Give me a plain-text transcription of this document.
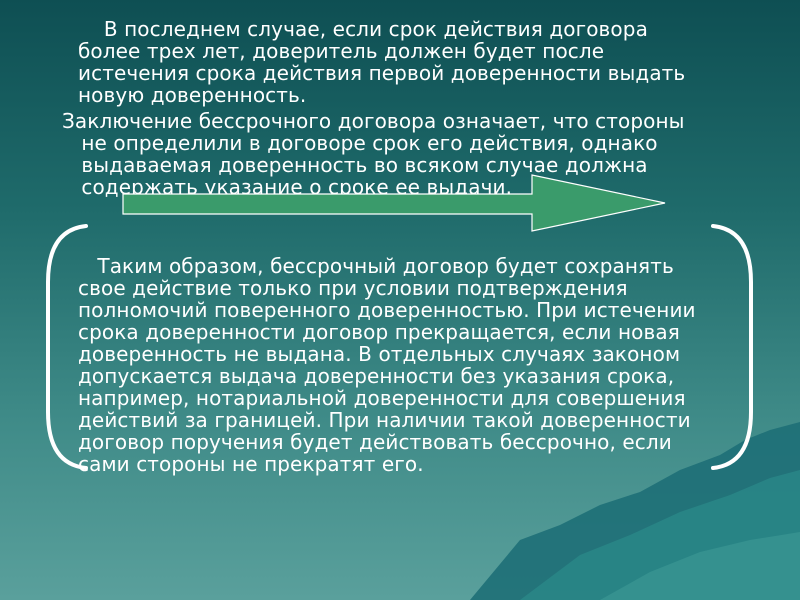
В последнем случае, если срок действия договора
более трех лет, доверитель должен будет после
истечения срока действия первой доверенности выдать
новую доверенность.

Заключение бессрочного договора означает, что стороны
не определили в договоре срок его действия, однако
выдаваемая доверенность во всяком случае должна
содержать указание о сроке ее выдачи.

Таким образом, бессрочный договор будет сохранять
свое действие только при условии подтверждения
полномочий поверенного доверенностью. При истечении
срока доверенности договор прекращается, если новая
доверенность не выдана. В отдельных случаях законом
допускается выдача доверенности без указания срока,
например, нотариальной доверенности для совершения
действий за границей. При наличии такой доверенности
договор поручения будет действовать бессрочно, если
сами стороны не прекратят его.
